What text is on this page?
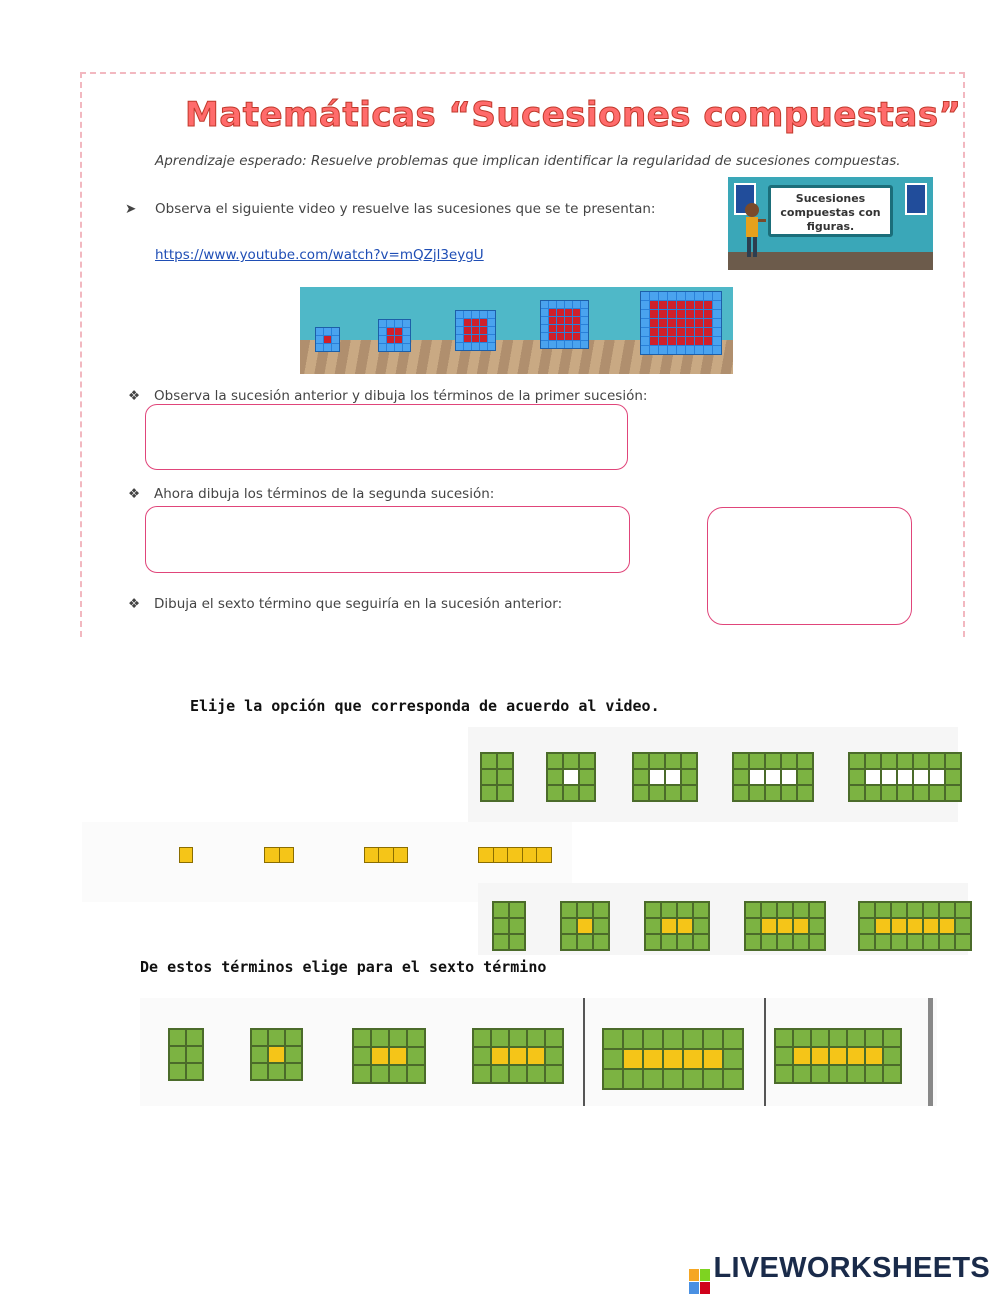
Matemáticas “Sucesiones compuestas”
Aprendizaje esperado: Resuelve problemas que implican identificar la regularidad de sucesiones compuestas.
➤ Observa el siguiente video y resuelve las sucesiones que se te presentan:
https://www.youtube.com/watch?v=mQZjl3eygU
Sucesiones compuestas con figuras.
❖ Observa la sucesión anterior y dibuja los términos de la primer sucesión:
❖ Ahora dibuja los términos de la segunda sucesión:
❖ Dibuja el sexto término que seguiría en la sucesión anterior:
Elije la opción que corresponda de acuerdo al video.
De estos términos elige para el sexto término
LIVEWORKSHEETS
